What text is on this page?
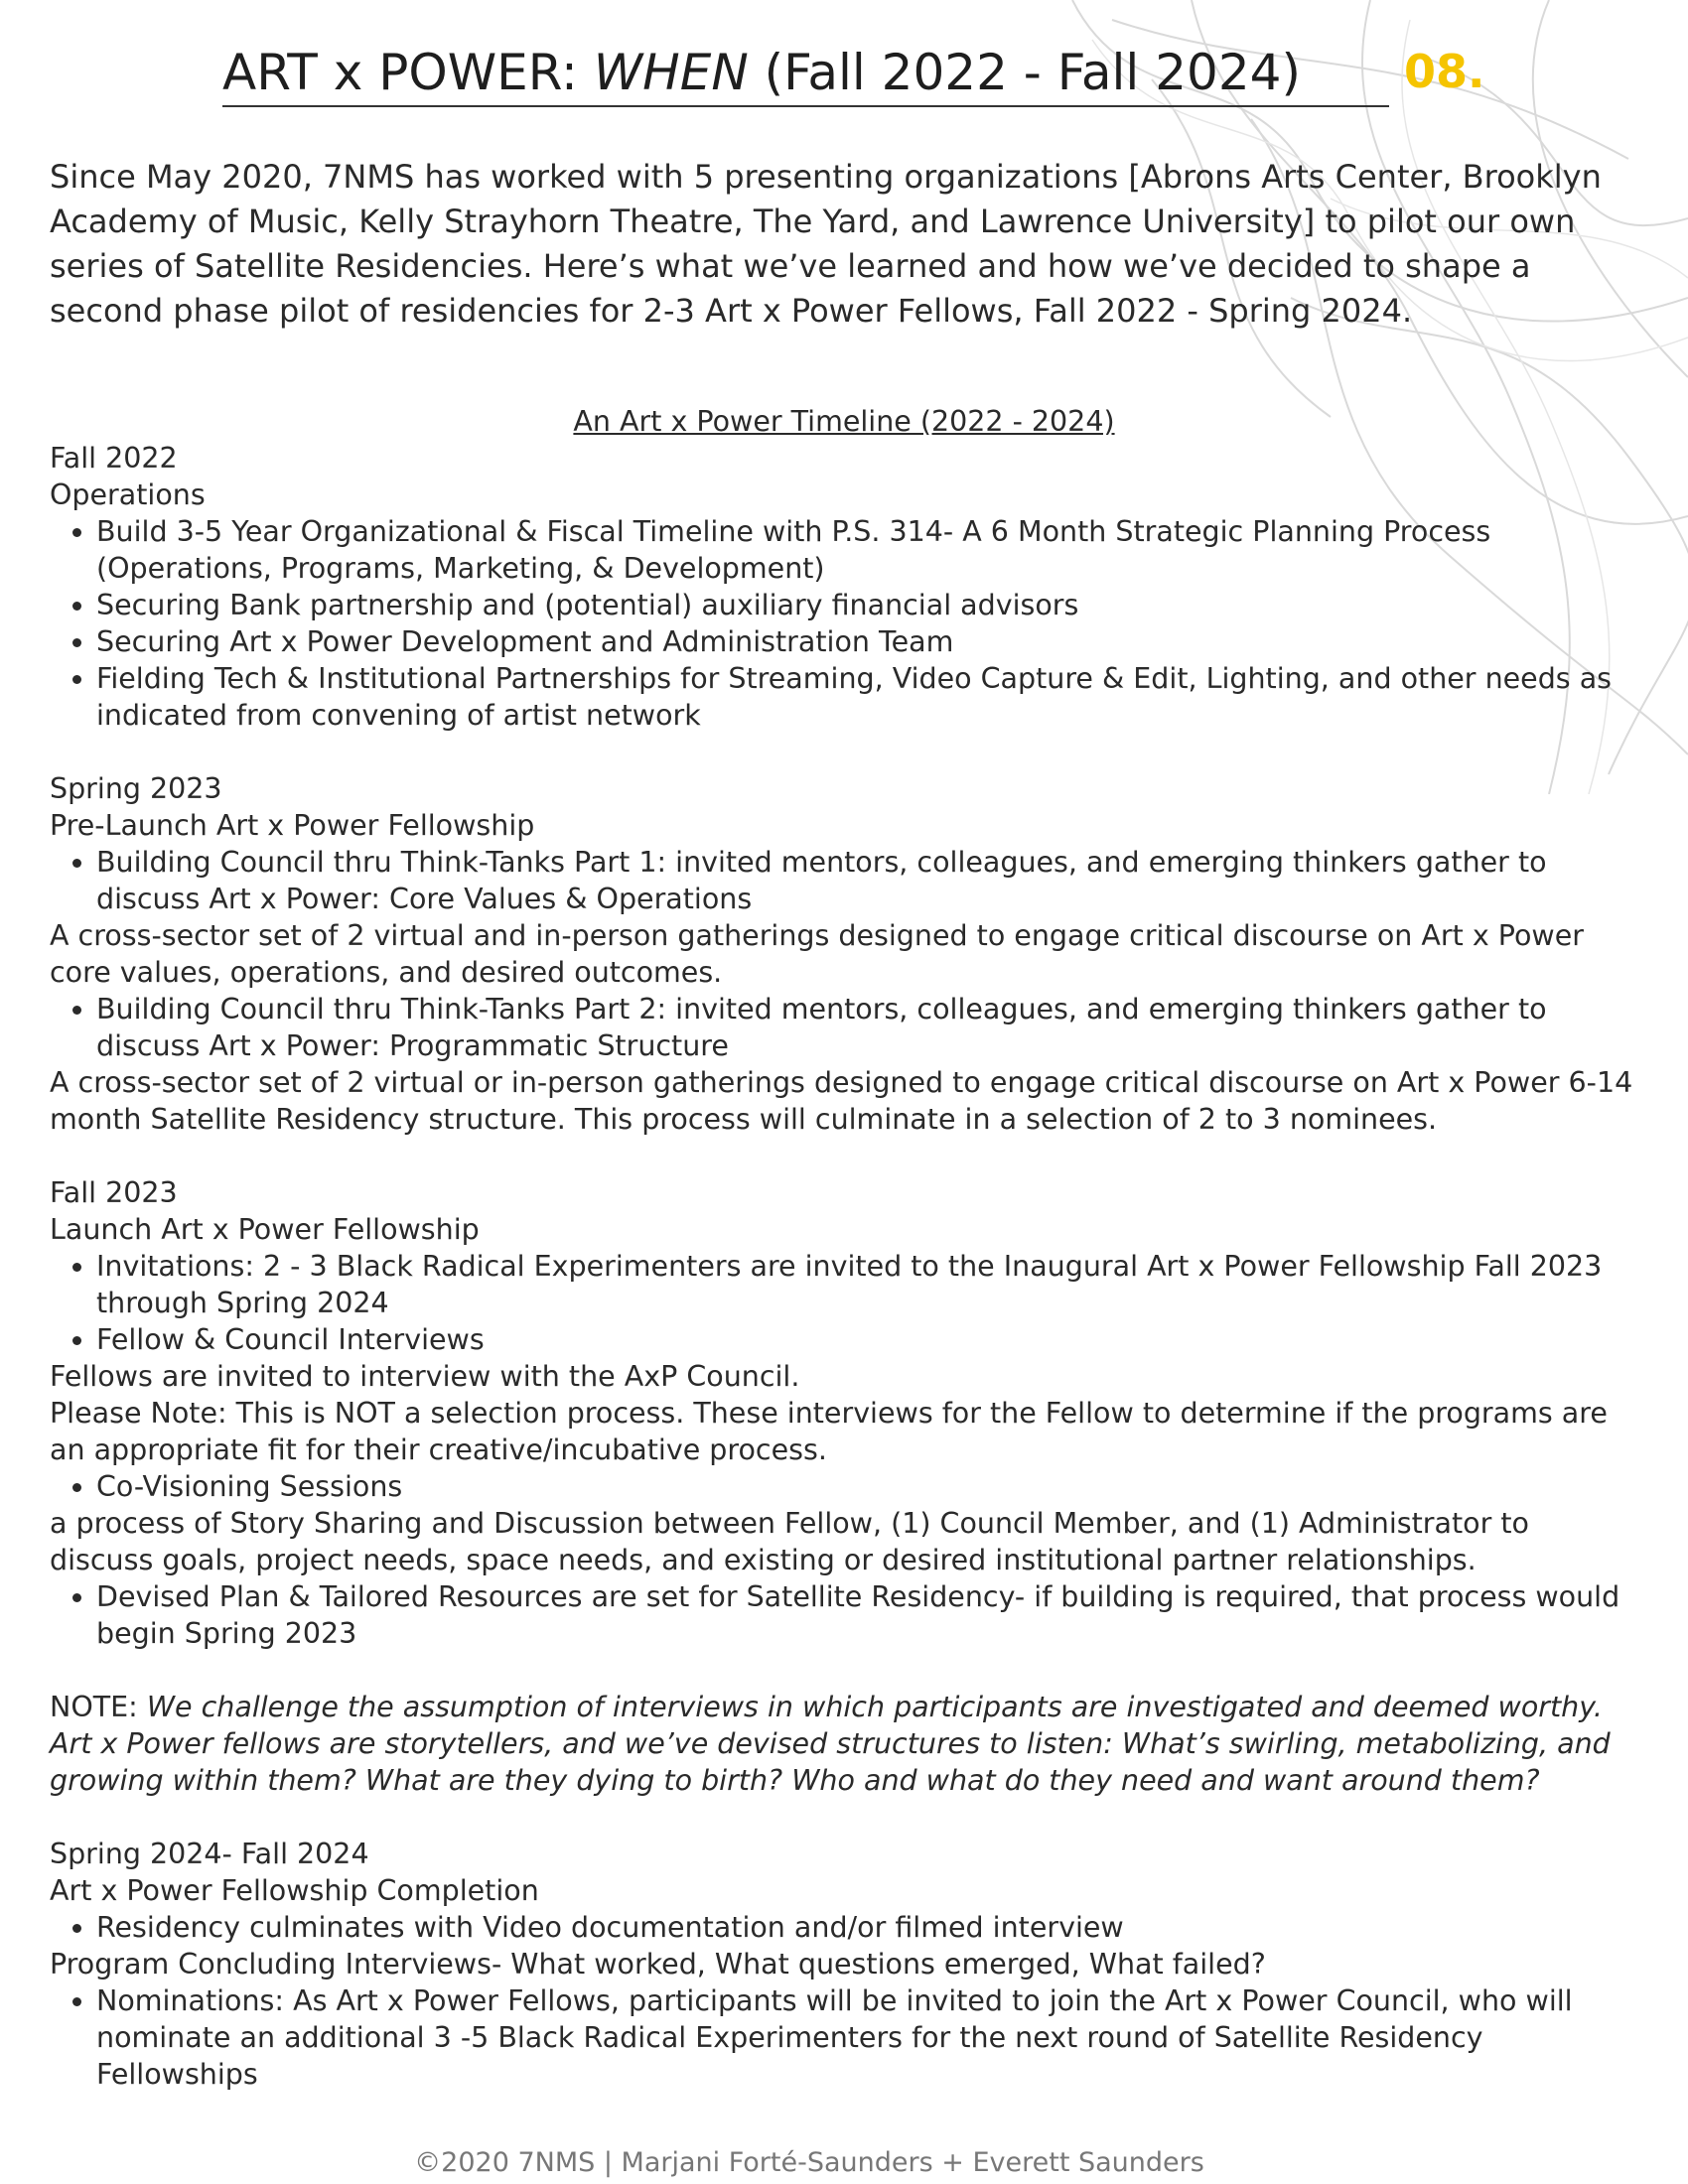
ART x POWER: WHEN (Fall 2022 - Fall 2024)	08.

Since May 2020, 7NMS has worked with 5 presenting organizations [Abrons Arts Center, Brooklyn Academy of Music, Kelly Strayhorn Theatre, The Yard, and Lawrence University] to pilot our own series of Satellite Residencies. Here’s what we’ve learned and how we’ve decided to shape a second phase pilot of residencies for 2-3 Art x Power Fellows, Fall 2022 - Spring 2024.

An Art x Power Timeline (2022 - 2024)

Fall 2022

Operations

• Build 3-5 Year Organizational & Fiscal Timeline with P.S. 314- A 6 Month Strategic Planning Process (Operations, Programs, Marketing, & Development)
• Securing Bank partnership and (potential) auxiliary financial advisors
• Securing Art x Power Development and Administration Team
• Fielding Tech & Institutional Partnerships for Streaming, Video Capture & Edit, Lighting, and other needs as indicated from convening of artist network

Spring 2023

Pre-Launch Art x Power Fellowship

• Building Council thru Think-Tanks Part 1: invited mentors, colleagues, and emerging thinkers gather to discuss Art x Power: Core Values & Operations

A cross-sector set of 2 virtual and in-person gatherings designed to engage critical discourse on Art x Power core values, operations, and desired outcomes.

• Building Council thru Think-Tanks Part 2: invited mentors, colleagues, and emerging thinkers gather to discuss Art x Power: Programmatic Structure

A cross-sector set of 2 virtual or in-person gatherings designed to engage critical discourse on Art x Power 6-14 month Satellite Residency structure. This process will culminate in a selection of 2 to 3 nominees.

Fall 2023

Launch Art x Power Fellowship

• Invitations: 2 - 3 Black Radical Experimenters are invited to the Inaugural Art x Power Fellowship Fall 2023 through Spring 2024
• Fellow & Council Interviews

Fellows are invited to interview with the AxP Council.

Please Note: This is NOT a selection process. These interviews for the Fellow to determine if the programs are an appropriate fit for their creative/incubative process.

• Co-Visioning Sessions

a process of Story Sharing and Discussion between Fellow, (1) Council Member, and (1) Administrator to discuss goals, project needs, space needs, and existing or desired institutional partner relationships.

• Devised Plan & Tailored Resources are set for Satellite Residency- if building is required, that process would begin Spring 2023

NOTE: We challenge the assumption of interviews in which participants are investigated and deemed worthy. Art x Power fellows are storytellers, and we’ve devised structures to listen: What’s swirling, metabolizing, and growing within them? What are they dying to birth? Who and what do they need and want around them?

Spring 2024- Fall 2024

Art x Power Fellowship Completion

• Residency culminates with Video documentation and/or filmed interview

Program Concluding Interviews- What worked, What questions emerged, What failed?

• Nominations: As Art x Power Fellows, participants will be invited to join the Art x Power Council, who will nominate an additional 3 -5 Black Radical Experimenters for the next round of Satellite Residency Fellowships
©2020 7NMS | Marjani Forté-Saunders + Everett Saunders
